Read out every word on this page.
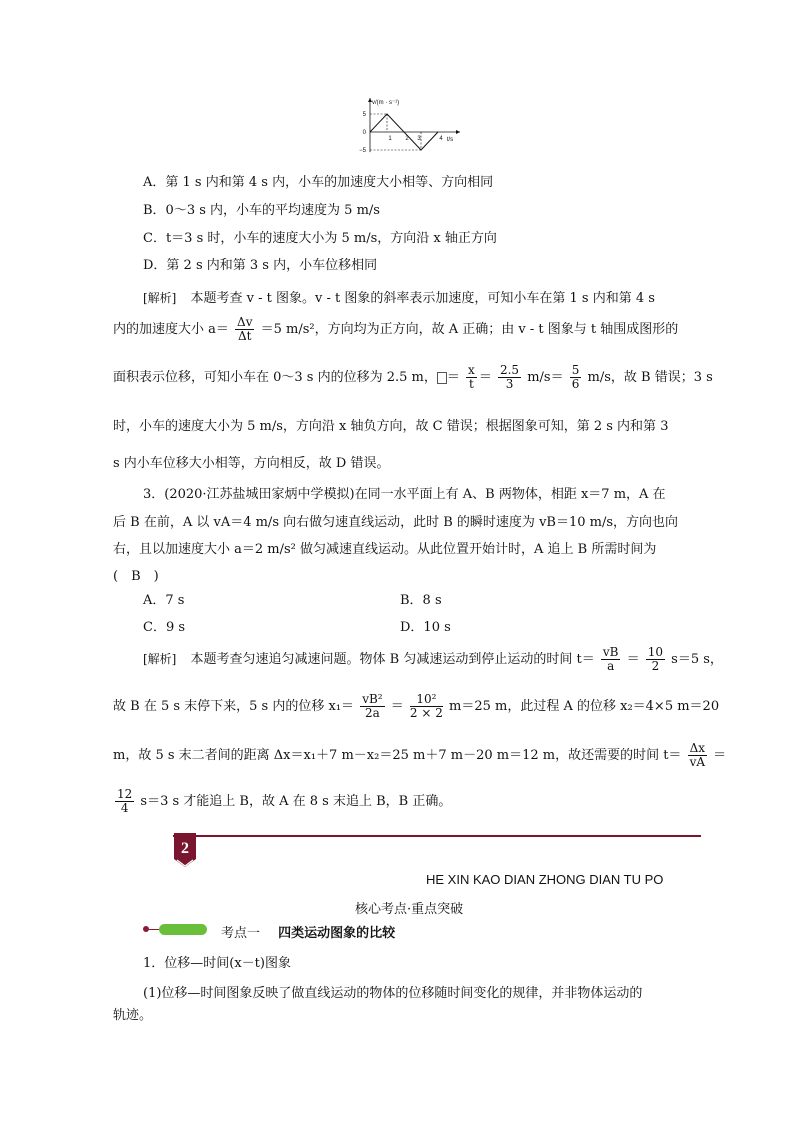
v/(m · s⁻¹)
t/s
5
0
−5
1 2 3	4
A．第 1 s 内和第 4 s 内，小车的加速度大小相等、方向相同
B．0～3 s 内，小车的平均速度为 5 m/s
C．t＝3 s 时，小车的速度大小为 5 m/s，方向沿 x 轴正方向
D．第 2 s 内和第 3 s 内，小车位移相同
[解析] 本题考查 v - t 图象。v - t 图象的斜率表示加速度，可知小车在第 1 s 内和第 4 s
内的加速度大小 $a= \frac{\Delta v}{\Delta t} =5$ m/s²，方向均为正方向，故 A 正确；由 v - t 图象与 t 轴围成图形的
面积表示位移，可知小车在 0～3 s 内的位移为 2.5 m， ＝ $\frac{x}{t} = \frac{2.5}{3} m/s= \frac{5}{6} m/s$，故 B 错误；3 s
时，小车的速度大小为 5 m/s，方向沿 x 轴负方向，故 C 错误；根据图象可知，第 2 s 内和第 3
s 内小车位移大小相等，方向相反，故 D 错误。
3．(2020·江苏盐城田家炳中学模拟)在同一水平面上有 A、B 两物体，相距 x＝7 m，A 在
后 B 在前，A 以 vA＝4 m/s 向右做匀速直线运动，此时 B 的瞬时速度为 vB＝10 m/s，方向也向
右，且以加速度大小 a＝2 m/s² 做匀减速直线运动。从此位置开始计时，A 追上 B 所需时间为
(　B　)
A．7 s	B．8 s
C．9 s	D．10 s
[解析] 本题考查匀速追匀减速问题。物体 B 匀减速运动到停止运动的时间 $t= \frac{vB}{a} = \frac{10}{2} s=5$ s，
故 B 在 5 s 末停下来，5 s 内的位移 $x_1= \frac{\text{vB²}}{2a} = \frac{\text{10²}}{2 \times 2} m=25$ m，此过程 A 的位移 x₂＝4×5 m＝20
m，故 5 s 末二者间的距离 Δx＝x₁＋7 m－x₂＝25 m＋7 m－20 m＝12 m，故还需要的时间 $t= \frac{\Delta x}{vA}$ ＝
$\frac{12}{4} s=3$ s 才能追上 B，故 A 在 8 s 末追上 B，B 正确。
2
HE XIN KAO DIAN ZHONG DIAN TU PO
核心考点·重点突破
考点一 四类运动图象的比较
1．位移—时间(x－t)图象
(1)位移—时间图象反映了做直线运动的物体的位移随时间变化的规律，并非物体运动的
轨迹。
